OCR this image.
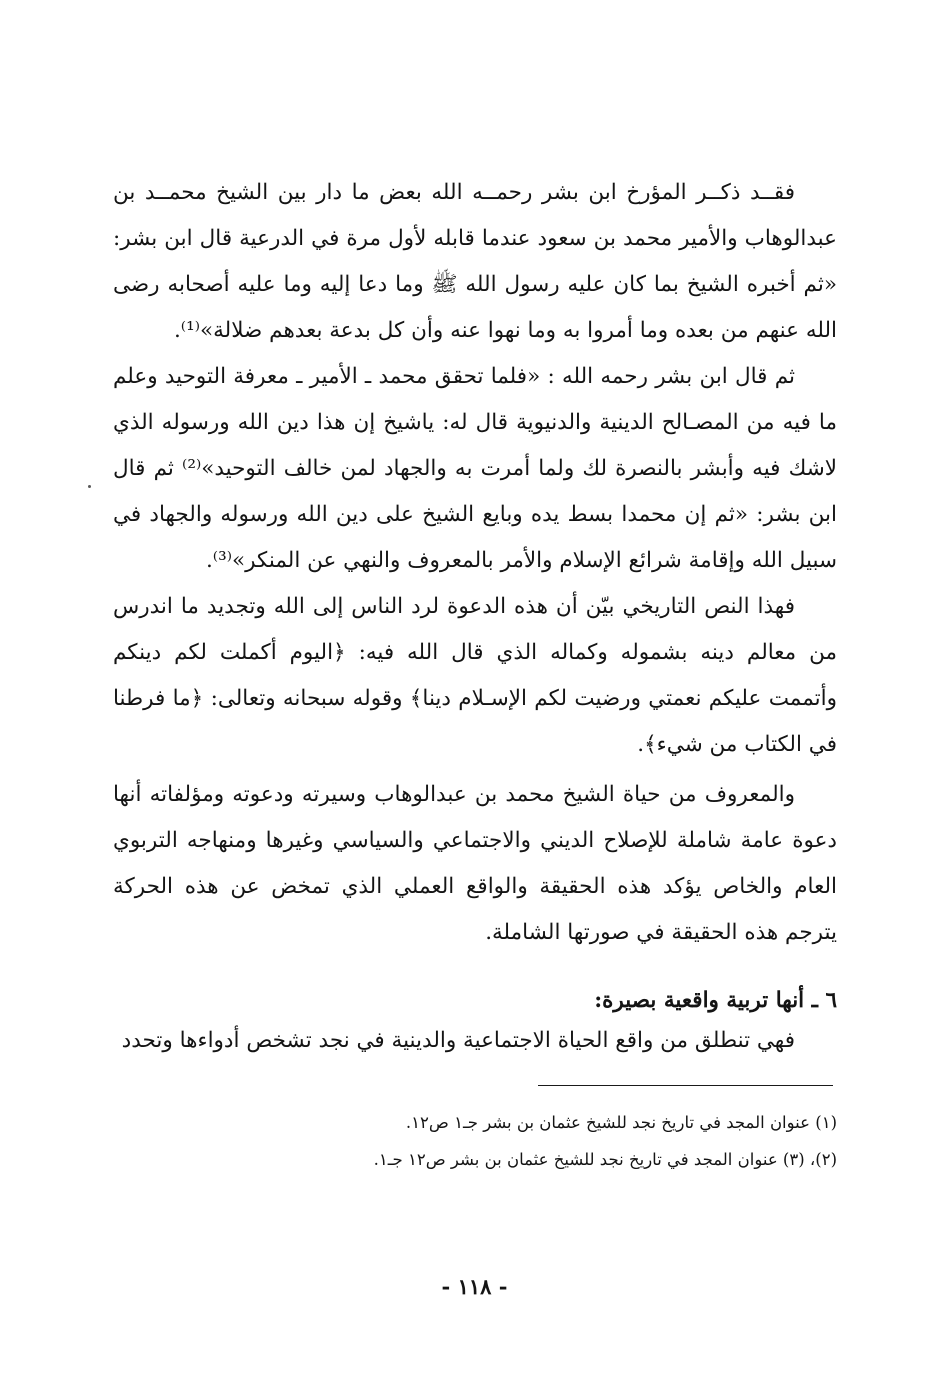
فقــد ذكــر المؤرخ ابن بشر رحمــه الله بعض ما دار بين الشيخ محمــد بن عبدالوهاب والأمير محمد بن سعود عندما قابله لأول مرة في الدرعية قال ابن بشر: «ثم أخبره الشيخ بما كان عليه رسول الله ﷺ وما دعا إليه وما عليه أصحابه رضى الله عنهم من بعده وما أمروا به وما نهوا عنه وأن كل بدعة بعدهم ضلالة»⁽¹⁾.

ثم قال ابن بشر رحمه الله : «فلما تحقق محمد ـ الأمير ـ معرفة التوحيد وعلم ما فيه من المصـالح الدينية والدنيوية قال له: ياشيخ إن هذا دين الله ورسوله الذي لاشك فيه وأبشر بالنصرة لك ولما أمرت به والجهاد لمن خالف التوحيد»⁽²⁾ ثم قال ابن بشر: «ثم إن محمدا بسط يده وبايع الشيخ على دين الله ورسوله والجهاد في سبيل الله وإقامة شرائع الإسلام والأمر بالمعروف والنهي عن المنكر»⁽³⁾.

فهذا النص التاريخي بيّن أن هذه الدعوة لرد الناس إلى الله وتجديد ما اندرس من معالم دينه بشموله وكماله الذي قال الله فيه: ﴿اليوم أكملت لكم دينكم وأتممت عليكم نعمتي ورضيت لكم الإسـلام دينا﴾ وقوله سبحانه وتعالى: ﴿ما فرطنا في الكتاب من شيء﴾.

والمعروف من حياة الشيخ محمد بن عبدالوهاب وسيرته ودعوته ومؤلفاته أنها دعوة عامة شاملة للإصلاح الديني والاجتماعي والسياسي وغيرها ومنهاجه التربوي العام والخاص يؤكد هذه الحقيقة والواقع العملي الذي تمخض عن هذه الحركة يترجم هذه الحقيقة في صورتها الشاملة.

٦ ـ أنها تربية واقعية بصيرة:

فهي تنطلق من واقع الحياة الاجتماعية والدينية في نجد تشخص أدواءها وتحدد

(١) عنوان المجد في تاريخ نجد للشيخ عثمان بن بشر جـ١ ص١٢.

(٢)، (٣) عنوان المجد في تاريخ نجد للشيخ عثمان بن بشر ص١٢ جـ١.

- ١١٨ -
